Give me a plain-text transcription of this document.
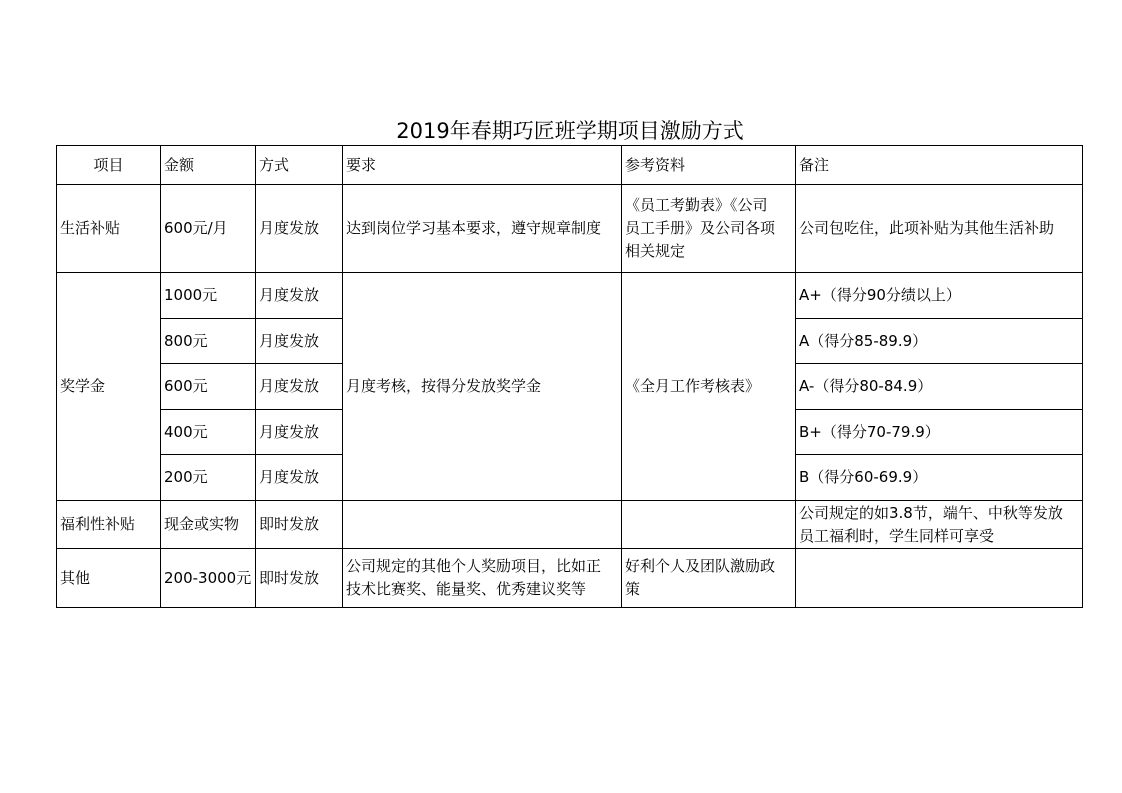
2019年春期巧匠班学期项目激励方式
项目	金额	方式	要求	参考资料	备注
生活补贴	600元/月	月度发放	达到岗位学习基本要求，遵守规章制度	《员工考勤表》《公司
员工手册》及公司各项
相关规定	公司包吃住，此项补贴为其他生活补助
奖学金	1000元	月度发放	月度考核，按得分发放奖学金	《全月工作考核表》	A+（得分90分绩以上）
	800元	月度发放			A（得分85-89.9）
	600元	月度发放			A-（得分80-84.9）
	400元	月度发放			B+（得分70-79.9）
	200元	月度发放			B（得分60-69.9）
福利性补贴	现金或实物	即时发放			公司规定的如3.8节，端午、中秋等发放
员工福利时，学生同样可享受

其他	200-3000元	即时发放	公司规定的其他个人奖励项目，比如正
技术比赛奖、能量奖、优秀建议奖等	好利个人及团队激励政
策	
